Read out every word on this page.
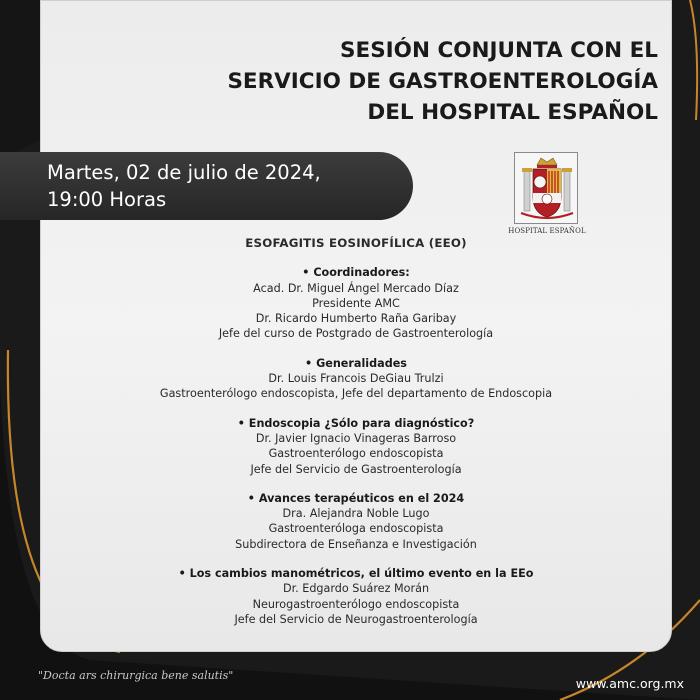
SESIÓN CONJUNTA CON EL
SERVICIO DE GASTROENTEROLOGÍA
DEL HOSPITAL ESPAÑOL
Martes, 02 de julio de 2024,
19:00 Horas
HOSPITAL ESPAÑOL
ESOFAGITIS EOSINOFÍLICA (EEO)
• Coordinadores:
Acad. Dr. Miguel Ángel Mercado Díaz
Presidente AMC
Dr. Ricardo Humberto Raña Garibay
Jefe del curso de Postgrado de Gastroenterología
• Generalidades
Dr. Louis Francois DeGiau Trulzi
Gastroenterólogo endoscopista, Jefe del departamento de Endoscopia
• Endoscopia ¿Sólo para diagnóstico?
Dr. Javier Ignacio Vinageras Barroso
Gastroenterólogo endoscopista
Jefe del Servicio de Gastroenterología
• Avances terapéuticos en el 2024
Dra. Alejandra Noble Lugo
Gastroenteróloga endoscopista
Subdirectora de Enseñanza e Investigación
• Los cambios manométricos, el último evento en la EEo
Dr. Edgardo Suárez Morán
Neurogastroenterólogo endoscopista
Jefe del Servicio de Neurogastroenterología
"Docta ars chirurgica bene salutis"
www.amc.org.mx
